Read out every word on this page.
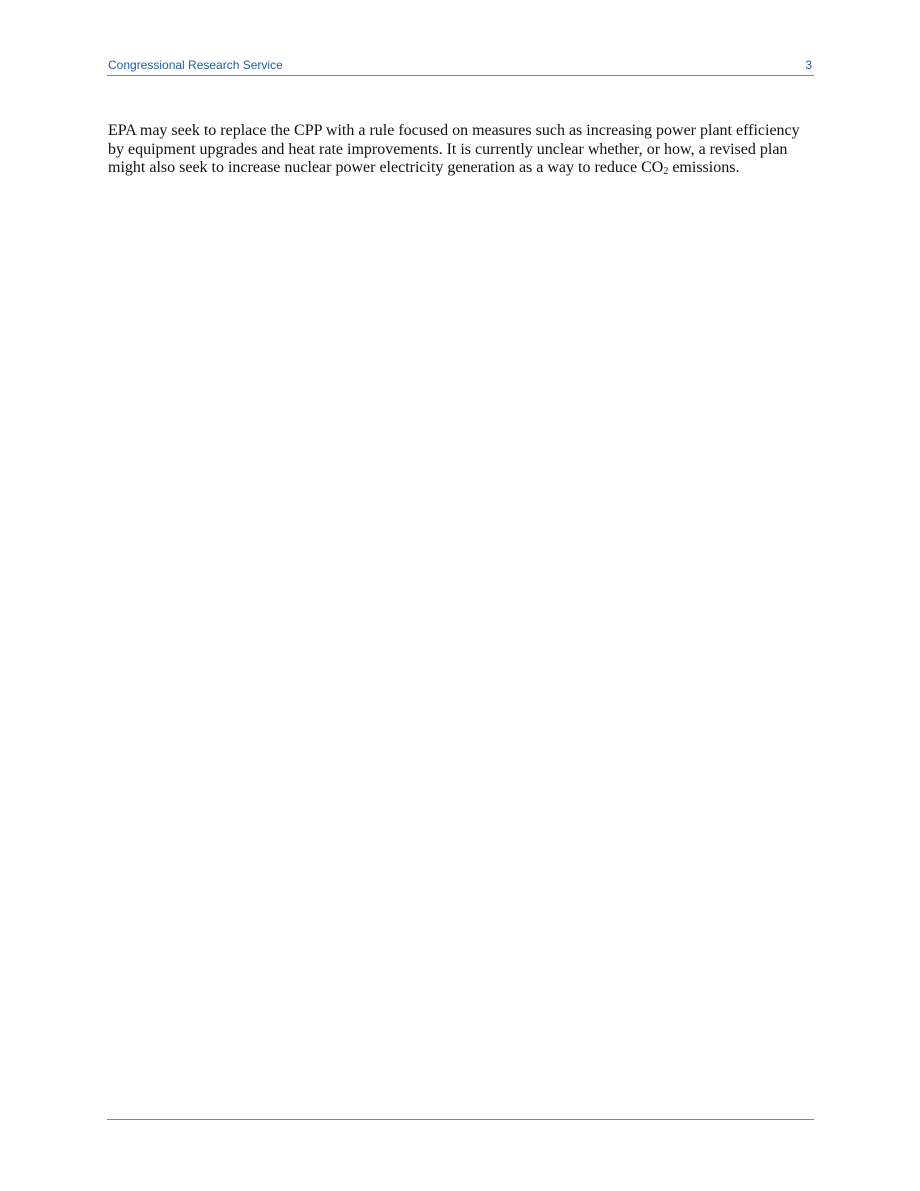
Congressional Research Service	3
EPA may seek to replace the CPP with a rule focused on measures such as increasing power plant efficiency by equipment upgrades and heat rate improvements. It is currently unclear whether, or how, a revised plan might also seek to increase nuclear power electricity generation as a way to reduce $CO_2$ emissions.
